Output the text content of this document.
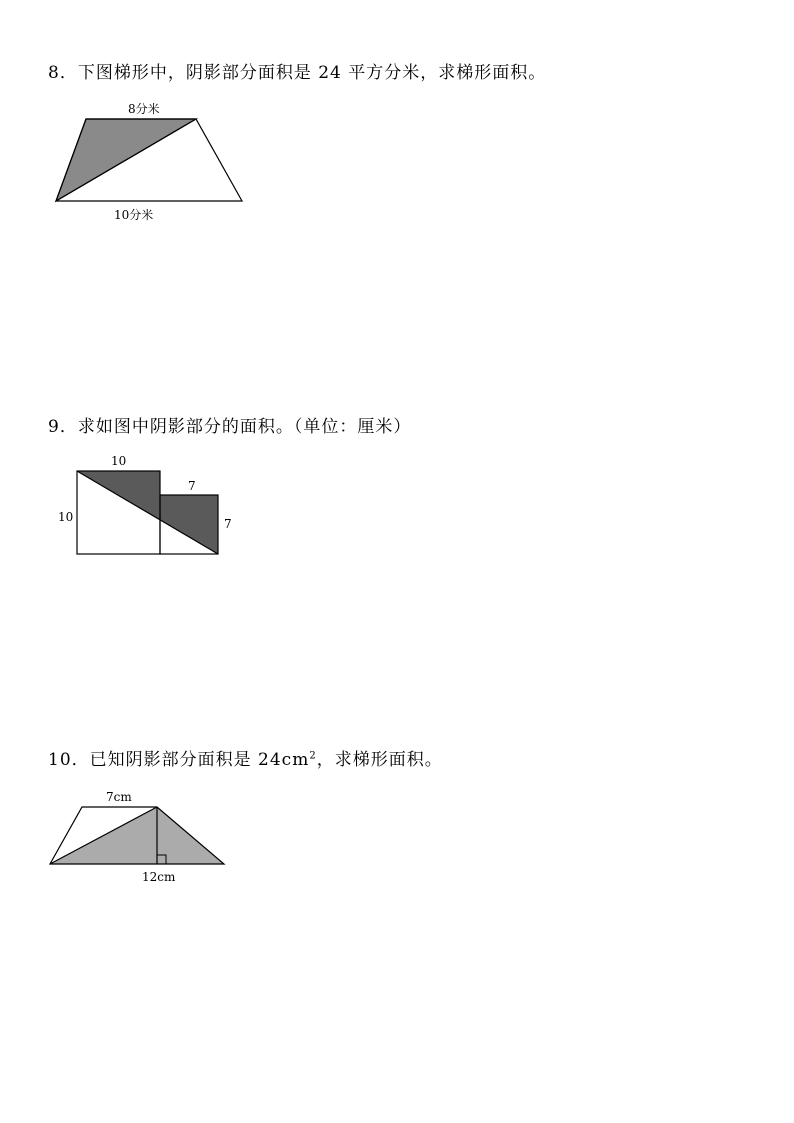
8．下图梯形中，阴影部分面积是 24 平方分米，求梯形面积。
8分米
10分米
9．求如图中阴影部分的面积。（单位：厘米）
10
10
7
7
10．已知阴影部分面积是 $24cm^2$，求梯形面积。
7cm
12cm
